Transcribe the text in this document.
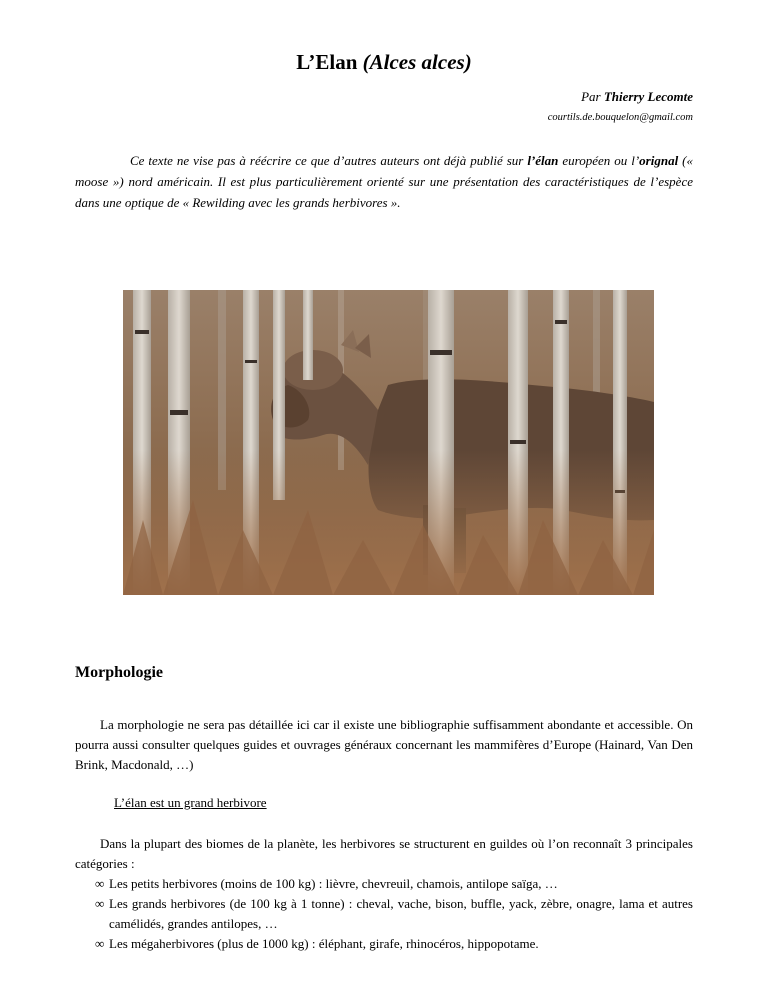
L’Elan (Alces alces)
Par Thierry Lecomte
courtils.de.bouquelon@gmail.com

Ce texte ne vise pas à réécrire ce que d’autres auteurs ont déjà publié sur l’élan européen ou l’orignal (« moose ») nord américain. Il est plus particulièrement orienté sur une présentation des caractéristiques de l’espèce dans une optique de « Rewilding avec les grands herbivores ».

Morphologie

La morphologie ne sera pas détaillée ici car il existe une bibliographie suffisamment abondante et accessible. On pourra aussi consulter quelques guides et ouvrages généraux concernant les mammifères d’Europe (Hainard, Van Den Brink, Macdonald, …)

L’élan est un grand herbivore

Dans la plupart des biomes de la planète, les herbivores se structurent en guildes où l’on reconnaît 3 principales catégories :

∞ Les petits herbivores (moins de 100 kg) : lièvre, chevreuil, chamois, antilope saïga, …
∞ Les grands herbivores (de 100 kg à 1 tonne) : cheval, vache, bison, buffle, yack, zèbre, onagre, lama et autres camélidés, grandes antilopes, …
∞ Les mégaherbivores (plus de 1000 kg) : éléphant, girafe, rhinocéros, hippopotame.
